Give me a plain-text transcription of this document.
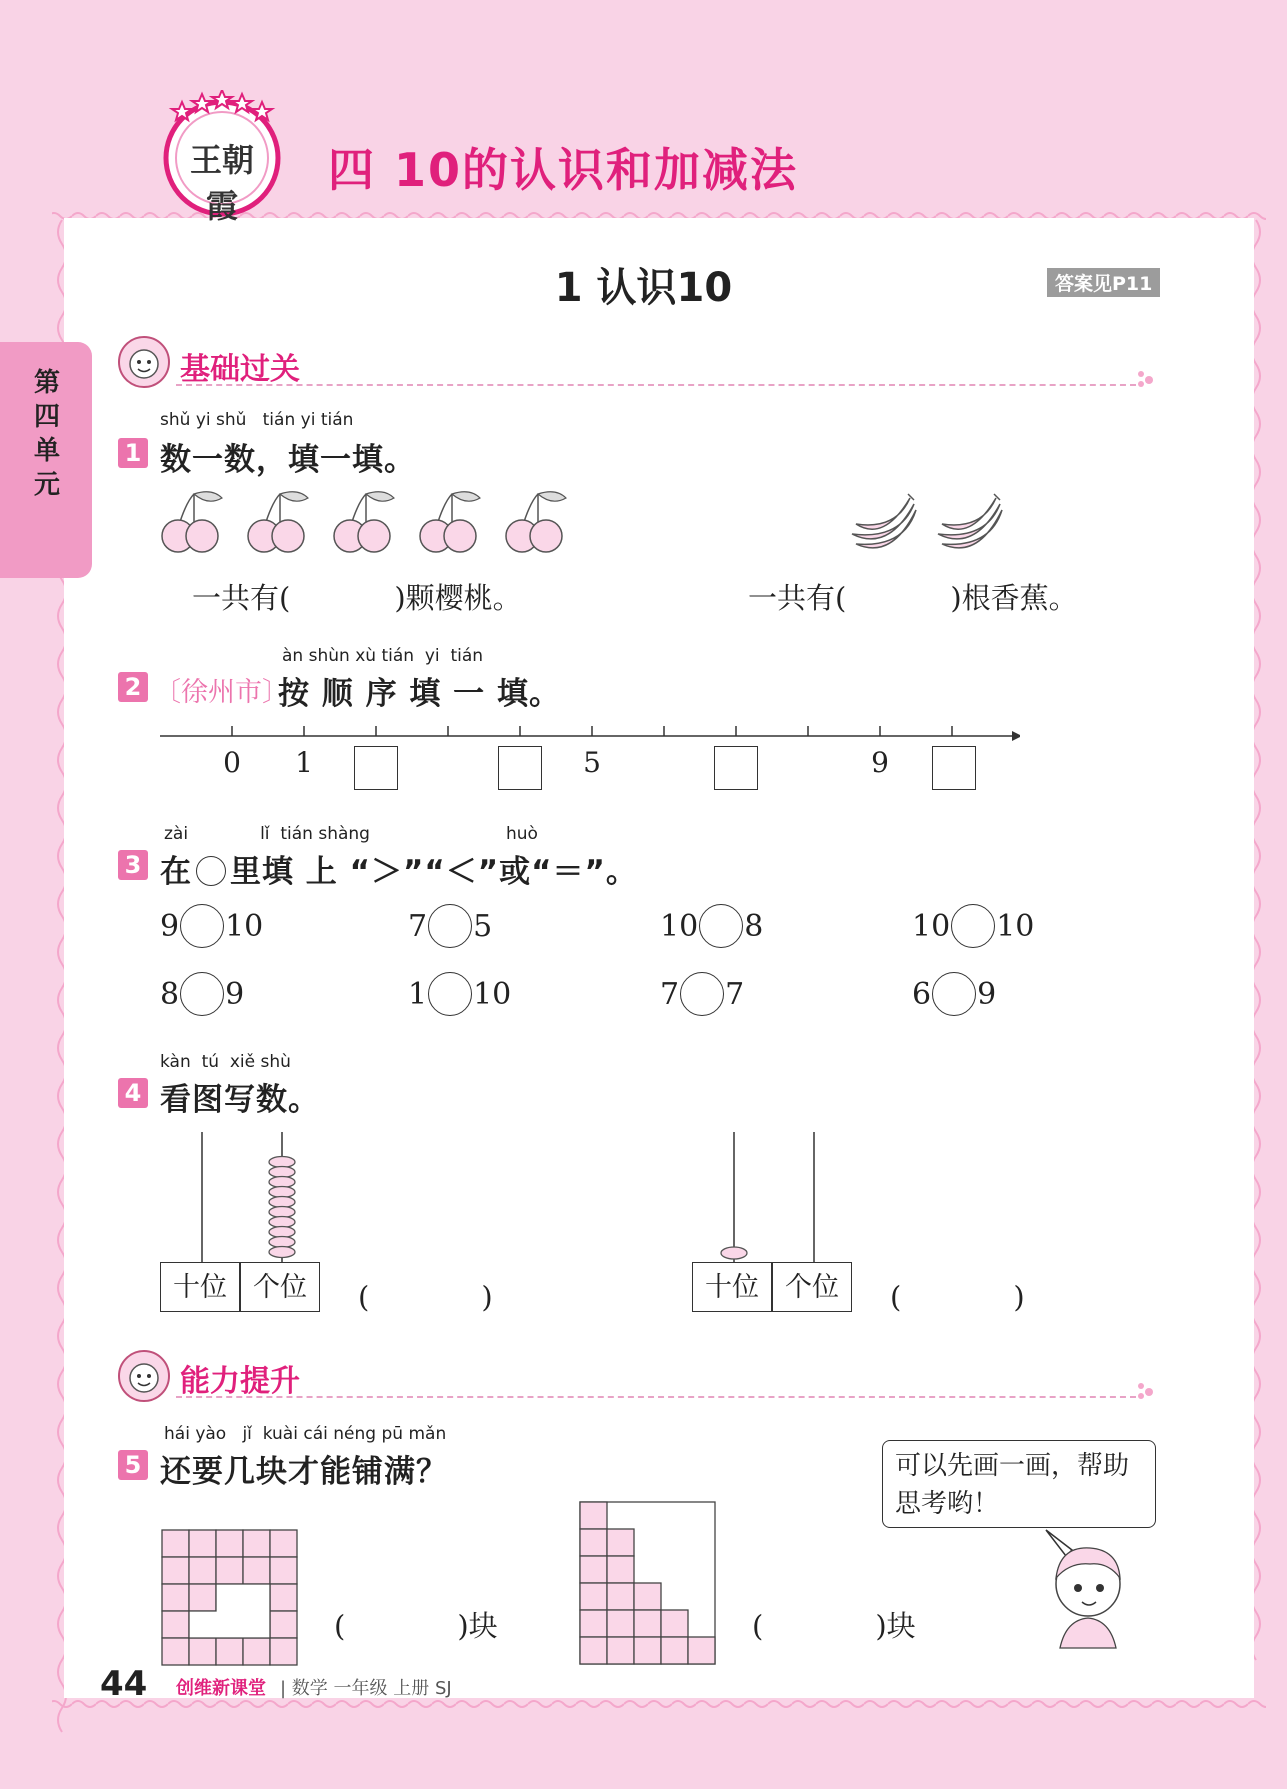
第四单元
王朝霞
四 10的认识和加减法
1 认识10	答案见P11
基础过关
shǔ yi shǔ tián yi tián
1 数一数，填一填。
一共有(	)颗樱桃。	一共有(	)根香蕉。
àn shùn xù tián yi tián
2 〔徐州市〕
按 顺 序 填 一 填。
0 1	5	9
zài	lǐ tián shàng	huò
3 在 里填 上 “＞”“＜”或“＝”。
9 10	7 5	10 8	10 10
8 9	1 10	7 7	6 9
kàn tú xiě shù
4 看图写数。
十位 个位	(	)	十位 个位	(	)
能力提升
hái yào jǐ kuài cái néng pū mǎn
5 还要几块才能铺满？
(	)块	(	)块
可以先画一画，帮助思考哟！
44 创维新课堂 | 数学 一年级 上册 SJ
